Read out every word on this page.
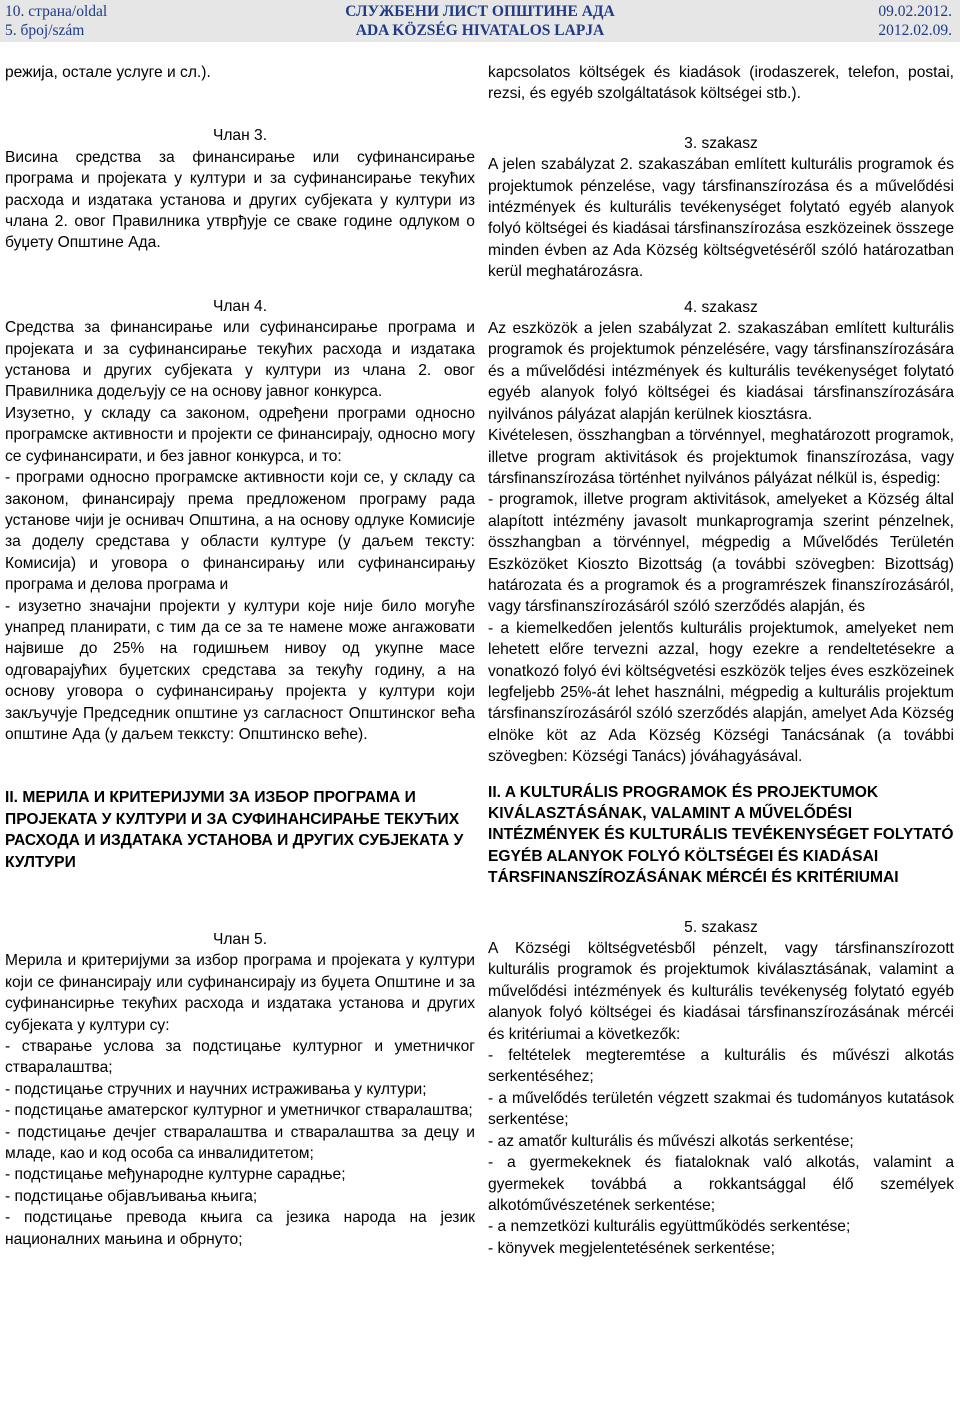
10. страна/oldal
5. број/szám
СЛУЖБЕНИ ЛИСТ ОПШТИНЕ АДА
ADA KÖZSÉG HIVATALOS LAPJA
09.02.2012.
2012.02.09.

режија, остале услуге и сл.).

Члан 3.

Висина средства за финансирање или суфинансирање програма и пројеката у култури и за суфинансирање текућих расхода и издатака установа и других субјеката у култури из члана 2. овог Правилника утврђује се сваке године одлуком о буџету Општине Ада.

Члан 4.

Средства за финансирање или суфинансирање програма и пројеката и за суфинансирање текућих расхода и издатака установа и других субјеката у култури из члана 2. овог Правилника додељују се на основу јавног конкурса.

Изузетно, у складу са законом, одређени програми односно програмске активности и пројекти се финансирају, односно могу се суфинансирати, и без јавног конкурса, и то:

- програми односно програмске активности који се, у складу са законом, финансирају према предложеном програму рада установе чији је оснивач Општина, а на основу одлуке Комисије за доделу средстава у области културе (у даљем тексту: Комисија) и уговора о финансирању или суфинансирању програма и делова програма и

- изузетно значајни пројекти у култури које није било могуће унапред планирати, с тим да се за те намене може ангажовати највише до 25% на годишњем нивоу од укупне масе одговарајућих буџетских средстава за текућу годину, а на основу уговора о суфинансирању пројекта у култури који закључује Председник општине уз сагласност Општинског већа општине Ада (у даљем текксту: Општинско веће).

II. МЕРИЛА И КРИТЕРИЈУМИ ЗА ИЗБОР ПРОГРАМА И ПРОЈЕКАТА У КУЛТУРИ И ЗА СУФИНАНСИРАЊЕ ТЕКУЋИХ РАСХОДА И ИЗДАТАКА УСТАНОВА И ДРУГИХ СУБЈЕКАТА У КУЛТУРИ

Члан 5.

Мерила и критеријуми за избор програма и пројеката у култури који се финансирају или суфинансирају из буџета Општине и за суфинансирње текућих расхода и издатака установа и других субјеката у култури су:

- стварање услова за подстицање културног и уметничког стваралаштва;

- подстицање стручних и научних истраживања у култури;

- подстицање аматерског културног и уметничког стваралаштва;

- подстицање дечјег стваралаштва и стваралаштва за децу и младе, као и код особа са инвалидитетом;

- подстицање међународне културне сарадње;

- подстицање објављивања књига;

- подстицање превода књига са језика народа на језик националних мањина и обрнуто;

kapcsolatos költségek és kiadások (irodaszerek, telefon, postai, rezsi, és egyéb szolgáltatások költségei stb.).

3. szakasz

A jelen szabályzat 2. szakaszában említett kulturális programok és projektumok pénzelése, vagy társfinanszírozása és a művelődési intézmények és kulturális tevékenységet folytató egyéb alanyok folyó költségei és kiadásai társfinanszírozása eszközeinek összege minden évben az Ada Község költségvetéséről szóló határozatban kerül meghatározásra.

4. szakasz

Az eszközök a jelen szabályzat 2. szakaszában említett kulturális programok és projektumok pénzelésére, vagy társfinanszírozására és a művelődési intézmények és kulturális tevékenységet folytató egyéb alanyok folyó költségei és kiadásai társfinanszírozására nyilvános pályázat alapján kerülnek kiosztásra.

Kivételesen, összhangban a törvénnyel, meghatározott programok, illetve program aktivitások és projektumok finanszírozása, vagy társfinanszírozása történhet nyilvános pályázat nélkül is, éspedig:

- programok, illetve program aktivitások, amelyeket a Község által alapított intézmény javasolt munkaprogramja szerint pénzelnek, összhangban a törvénnyel, mégpedig a Művelődés Területén Eszközöket Kioszto Bizottság (a további szövegben: Bizottság) határozata és a programok és a programrészek finanszírozásáról, vagy társfinanszírozásáról szóló szerződés alapján, és

- a kiemelkedően jelentős kulturális projektumok, amelyeket nem lehetett előre tervezni azzal, hogy ezekre a rendeltetésekre a vonatkozó folyó évi költségvetési eszközök teljes éves eszközeinek legfeljebb 25%-át lehet használni, mégpedig a kulturális projektum társfinanszírozásáról szóló szerződés alapján, amelyet Ada Község elnöke köt az Ada Község Községi Tanácsának (a további szövegben: Községi Tanács) jóváhagyásával.

II. A KULTURÁLIS PROGRAMOK ÉS PROJEKTUMOK KIVÁLASZTÁSÁNAK, VALAMINT A MŰVELŐDÉSI INTÉZMÉNYEK ÉS KULTURÁLIS TEVÉKENYSÉGET FOLYTATÓ EGYÉB ALANYOK FOLYÓ KÖLTSÉGEI ÉS KIADÁSAI TÁRSFINANSZÍROZÁSÁNAK MÉRCÉI ÉS KRITÉRIUMAI

5. szakasz

A Községi költségvetésből pénzelt, vagy társfinanszírozott kulturális programok és projektumok kiválasztásának, valamint a művelődési intézmények és kulturális tevékenység folytató egyéb alanyok folyó költségei és kiadásai társfinanszírozásának mércéi és kritériumai a következők:

- feltételek megteremtése a kulturális és művészi alkotás serkentéséhez;

- a művelődés területén végzett szakmai és tudományos kutatások serkentése;

- az amatőr kulturális és művészi alkotás serkentése;

- a gyermekeknek és fiataloknak való alkotás, valamint a gyermekek továbbá a rokkantsággal élő személyek alkotóművészetének serkentése;

- a nemzetközi kulturális együttműködés serkentése;

- könyvek megjelentetésének serkentése;
